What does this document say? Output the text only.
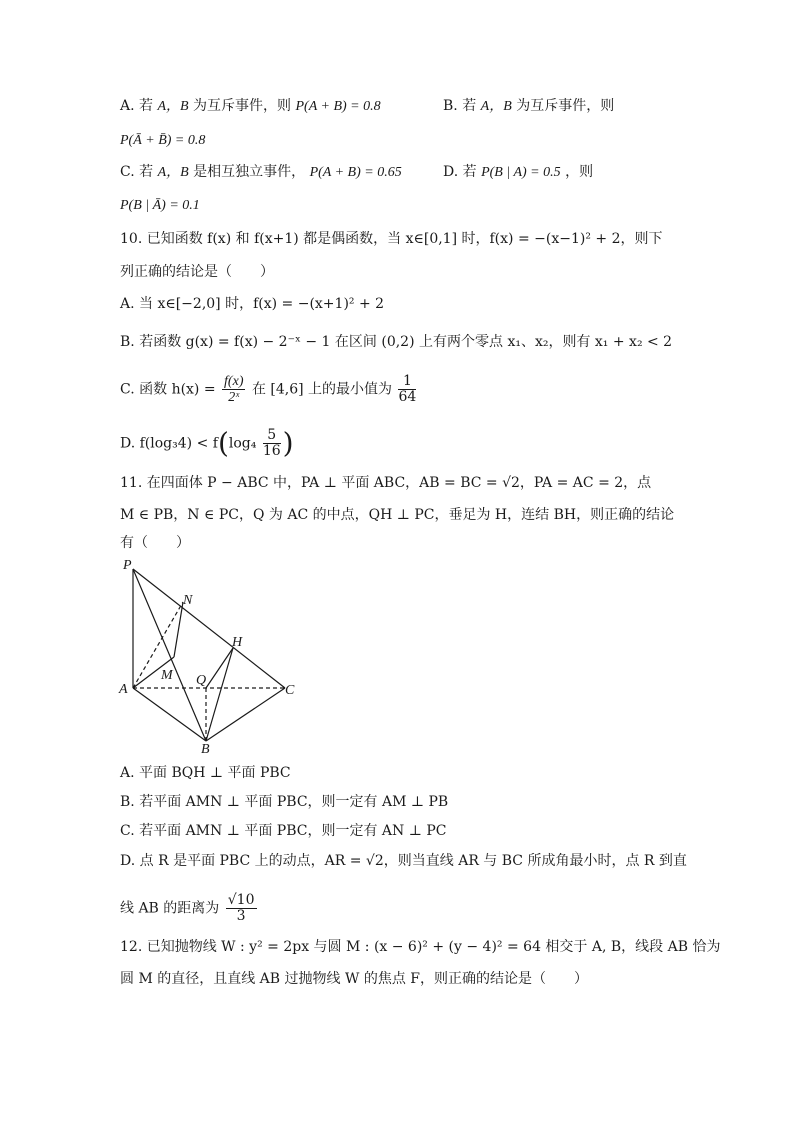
A. 若 A，B 为互斥事件，则 P(A + B) = 0.8	B. 若 A，B 为互斥事件，则
P(Ā + B̄) = 0.8
C. 若 A，B 是相互独立事件， P(A + B) = 0.65	D. 若 P(B | A) = 0.5 ，则
P(B | Ā) = 0.1
10. 已知函数 f(x) 和 f(x+1) 都是偶函数，当 x∈[0,1] 时，f(x) = −(x−1)² + 2，则下
列正确的结论是（　　）
A. 当 x∈[−2,0] 时，f(x) = −(x+1)² + 2
B. 若函数 g(x) = f(x) − 2⁻ˣ − 1 在区间 (0,2) 上有两个零点 x₁、x₂，则有 x₁ + x₂ < 2
C. 函数 $h(x) = \frac{f(x)}{\text{2ˣ}}$ 在 [4,6] 上的最小值为 $\frac{1}{64}$
D. $f(\log_34) < f(\log_4 \frac{5}{16}$ )
11. 在四面体 P − ABC 中，PA ⊥ 平面 ABC，AB = BC = √2，PA = AC = 2，点
M ∈ PB，N ∈ PC，Q 为 AC 的中点，QH ⊥ PC，垂足为 H，连结 BH，则正确的结论
有（　　）
P
N
H
M
A
Q
C
B
A. 平面 BQH ⊥ 平面 PBC
B. 若平面 AMN ⊥ 平面 PBC，则一定有 AM ⊥ PB
C. 若平面 AMN ⊥ 平面 PBC，则一定有 AN ⊥ PC
D. 点 R 是平面 PBC 上的动点，AR = √2，则当直线 AR 与 BC 所成角最小时，点 R 到直
线 AB 的距离为 $\frac{√10}{3}$
12. 已知抛物线 W : y² = 2px 与圆 M : (x − 6)² + (y − 4)² = 64 相交于 A, B，线段 AB 恰为
圆 M 的直径，且直线 AB 过抛物线 W 的焦点 F，则正确的结论是（　　）
